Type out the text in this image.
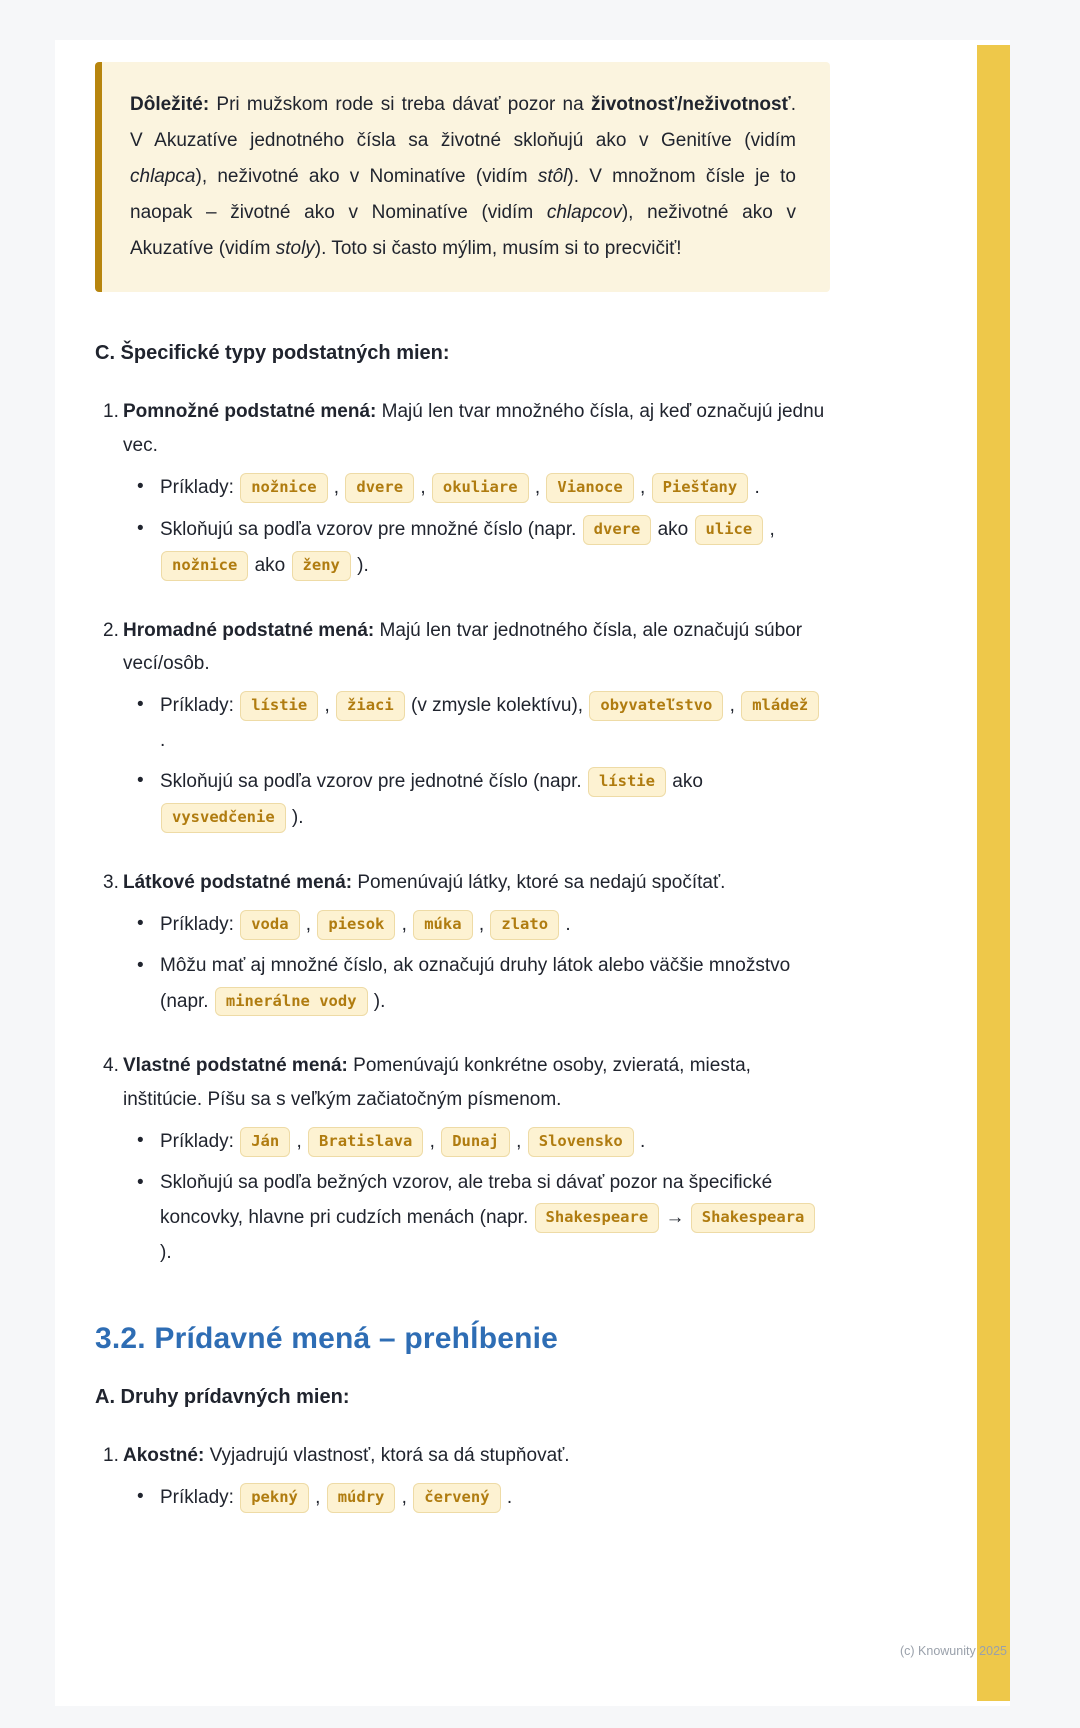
Dôležité: Pri mužskom rode si treba dávať pozor na životnosť/neživotnosť. V Akuzatíve jednotného čísla sa životné skloňujú ako v Genitíve (vidím chlapca), neživotné ako v Nominatíve (vidím stôl). V množnom čísle je to naopak – životné ako v Nominatíve (vidím chlapcov), neživotné ako v Akuzatíve (vidím stoly). Toto si často mýlim, musím si to precvičiť!

C. Špecifické typy podstatných mien:
1. Pomnožné podstatné mená: Majú len tvar množného čísla, aj keď označujú jednu vec.

• Príklady: nožnice , dvere , okuliare , Vianoce , Piešťany .

• Skloňujú sa podľa vzorov pre množné číslo (napr. dvere ako ulice , nožnice ako ženy ).

2. Hromadné podstatné mená: Majú len tvar jednotného čísla, ale označujú súbor vecí/osôb.

• Príklady: lístie , žiaci (v zmysle kolektívu), obyvateľstvo , mládež .

• Skloňujú sa podľa vzorov pre jednotné číslo (napr. lístie ako vysvedčenie ).

3. Látkové podstatné mená: Pomenúvajú látky, ktoré sa nedajú spočítať.

• Príklady: voda , piesok , múka , zlato .

• Môžu mať aj množné číslo, ak označujú druhy látok alebo väčšie množstvo (napr. minerálne vody ).

4. Vlastné podstatné mená: Pomenúvajú konkrétne osoby, zvieratá, miesta, inštitúcie. Píšu sa s veľkým začiatočným písmenom.

• Príklady: Ján , Bratislava , Dunaj , Slovensko .

• Skloňujú sa podľa bežných vzorov, ale treba si dávať pozor na špecifické koncovky, hlavne pri cudzích menách (napr. Shakespeare → Shakespeara ).

3.2. Prídavné mená – prehĺbenie
A. Druhy prídavných mien:
1. Akostné: Vyjadrujú vlastnosť, ktorá sa dá stupňovať.

• Príklady: pekný , múdry , červený .

(c) Knowunity 2025
